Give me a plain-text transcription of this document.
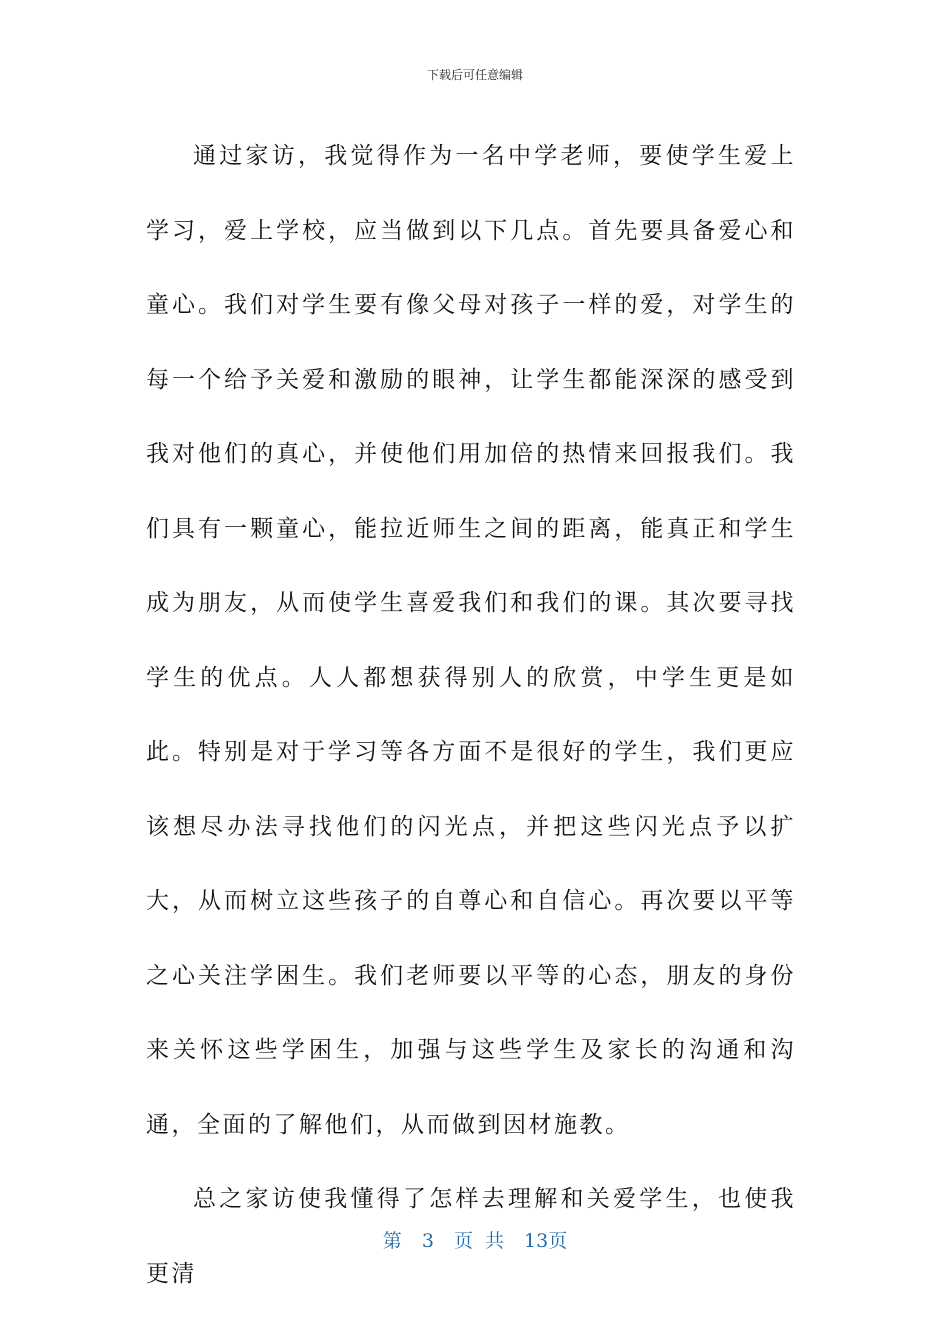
下载后可任意编辑

通过家访，我觉得作为一名中学老师，要使学生爱上学习，爱上学校，应当做到以下几点。首先要具备爱心和童心。我们对学生要有像父母对孩子一样的爱，对学生的每一个给予关爱和激励的眼神，让学生都能深深的感受到我对他们的真心，并使他们用加倍的热情来回报我们。我们具有一颗童心，能拉近师生之间的距离，能真正和学生成为朋友，从而使学生喜爱我们和我们的课。其次要寻找学生的优点。人人都想获得别人的欣赏，中学生更是如此。特别是对于学习等各方面不是很好的学生，我们更应该想尽办法寻找他们的闪光点，并把这些闪光点予以扩大，从而树立这些孩子的自尊心和自信心。再次要以平等之心关注学困生。我们老师要以平等的心态，朋友的身份来关怀这些学困生，加强与这些学生及家长的沟通和沟通，全面的了解他们，从而做到因材施教。

总之家访使我懂得了怎样去理解和关爱学生，也使我更清

第 3 页 共 13页
